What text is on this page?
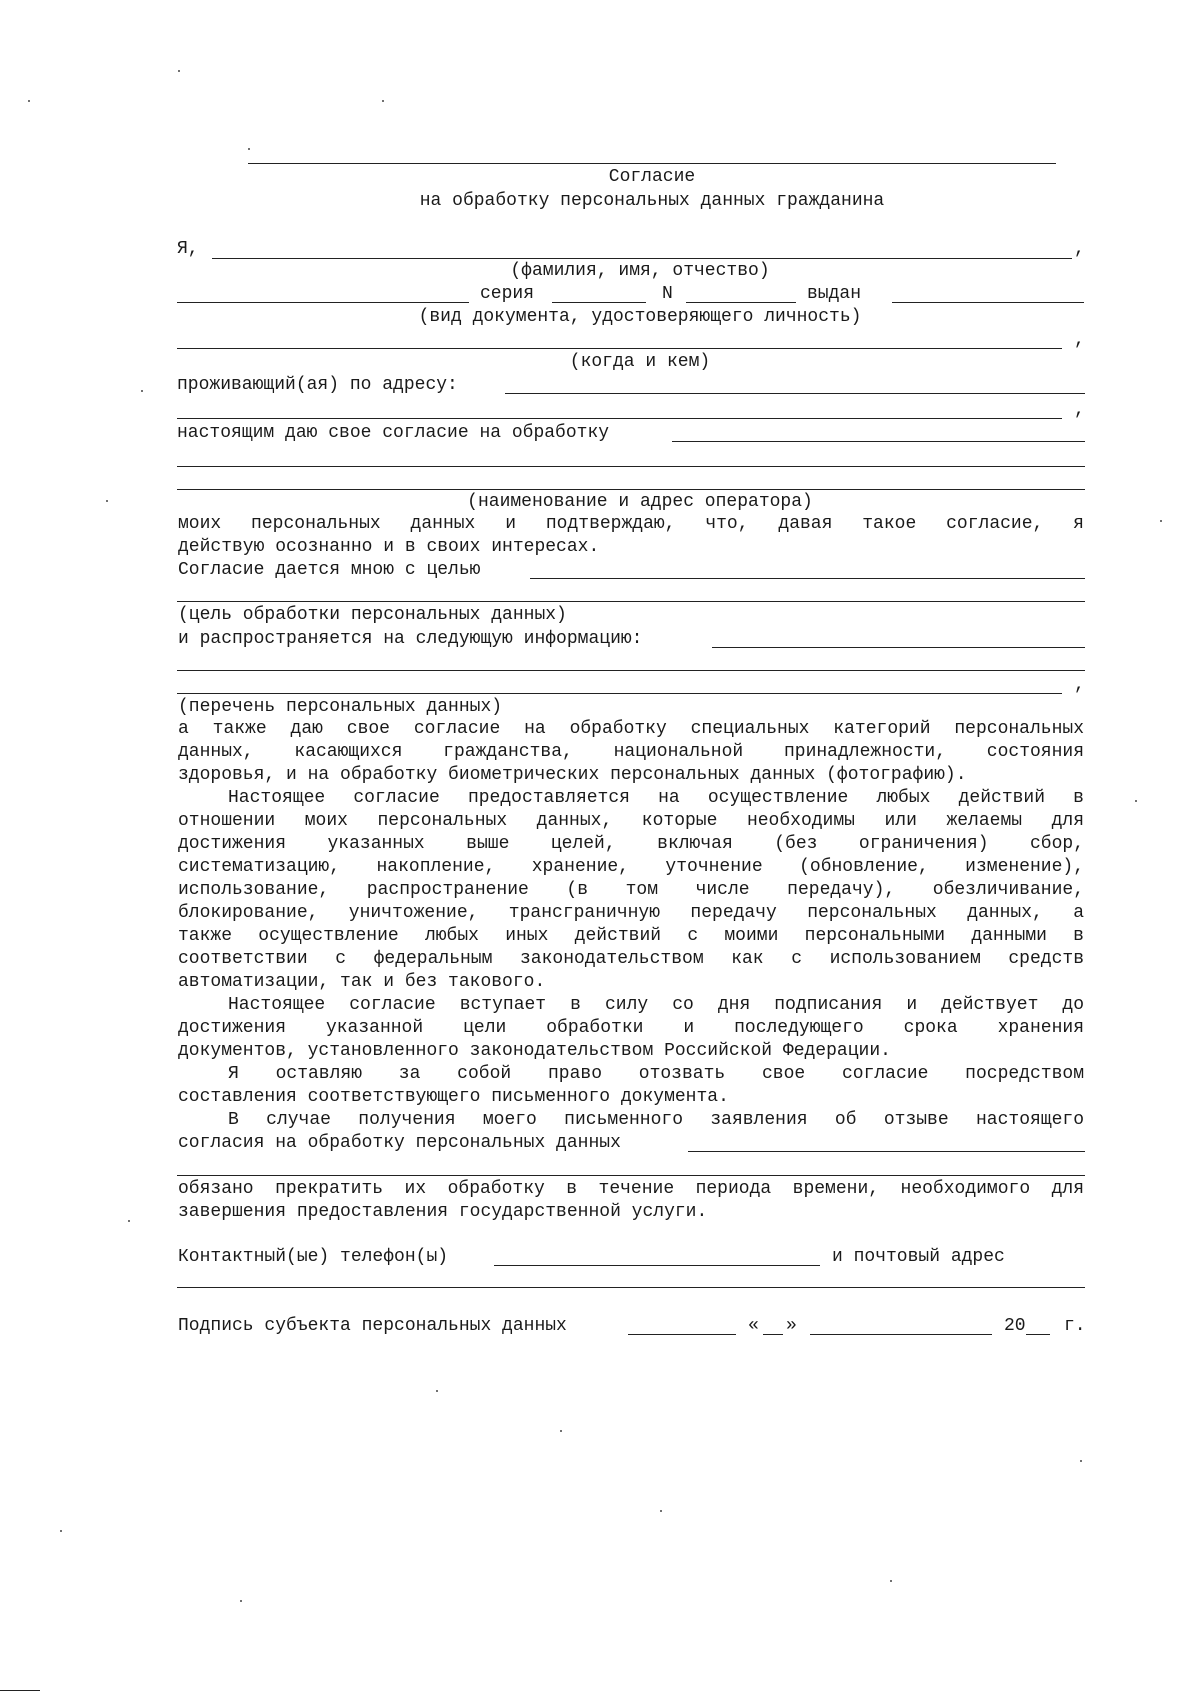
Согласие
на обработку персональных данных гражданина
Я,	,
(фамилия, имя, отчество)
серия	N	выдан
(вид документа, удостоверяющего личность)
,
(когда и кем)
проживающий(ая) по адресу:
,
настоящим даю свое согласие на обработку
(наименование и адрес оператора)
моих персональных данных и подтверждаю, что, давая такое согласие, я
действую осознанно и в своих интересах.
Согласие дается мною с целью
(цель обработки персональных данных)
и распространяется на следующую информацию:
,
(перечень персональных данных)
а также даю свое согласие на обработку специальных категорий персональных
данных, касающихся гражданства, национальной принадлежности, состояния
здоровья, и на обработку биометрических персональных данных (фотографию).
Настоящее согласие предоставляется на осуществление любых действий в
отношении моих персональных данных, которые необходимы или желаемы для
достижения указанных выше целей, включая (без ограничения) сбор,
систематизацию, накопление, хранение, уточнение (обновление, изменение),
использование, распространение (в том числе передачу), обезличивание,
блокирование, уничтожение, трансграничную передачу персональных данных, а
также осуществление любых иных действий с моими персональными данными в
соответствии с федеральным законодательством как с использованием средств
автоматизации, так и без такового.
Настоящее согласие вступает в силу со дня подписания и действует до
достижения указанной цели обработки и последующего срока хранения
документов, установленного законодательством Российской Федерации.
Я оставляю за собой право отозвать свое согласие посредством
составления соответствующего письменного документа.
В случае получения моего письменного заявления об отзыве настоящего
согласия на обработку персональных данных
обязано прекратить их обработку в течение периода времени, необходимого для
завершения предоставления государственной услуги.
Контактный(ые) телефон(ы)	и почтовый адрес
Подпись субъекта персональных данных	« »	20 г.
